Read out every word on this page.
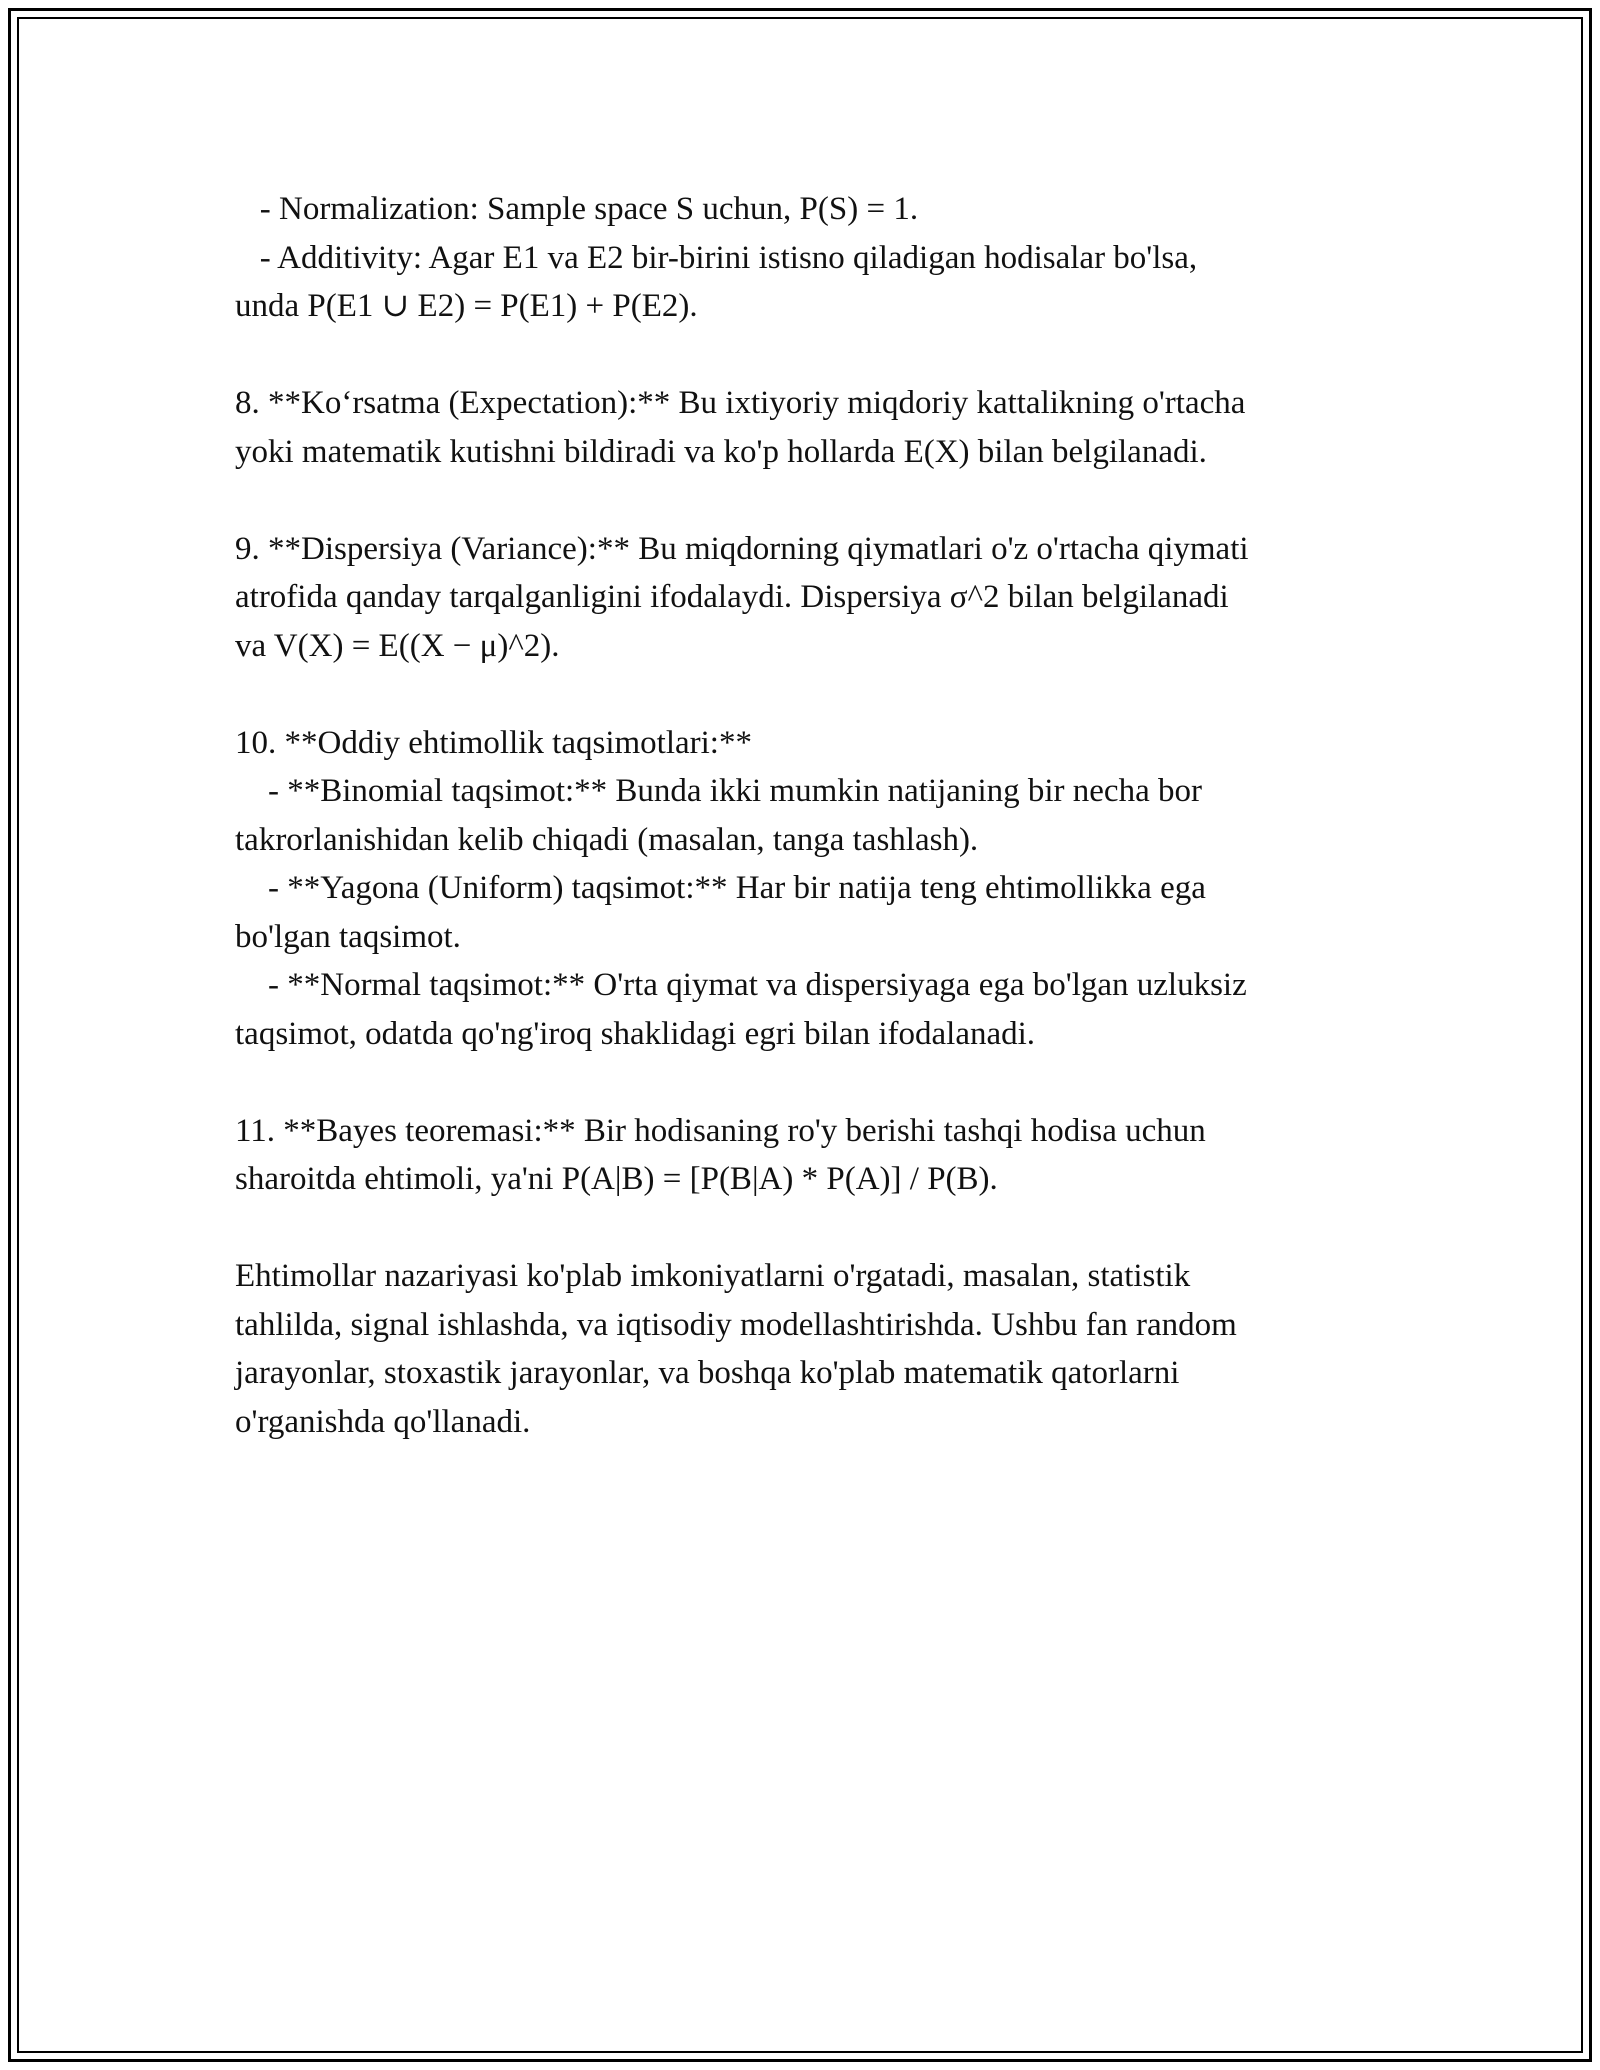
- Normalization: Sample space S uchun, P(S) = 1.
- Additivity: Agar E1 va E2 bir-birini istisno qiladigan hodisalar bo'lsa,
unda P(E1 ∪ E2) = P(E1) + P(E2).
8. **Ko‘rsatma (Expectation):** Bu ixtiyoriy miqdoriy kattalikning o'rtacha
yoki matematik kutishni bildiradi va ko'p hollarda E(X) bilan belgilanadi.
9. **Dispersiya (Variance):** Bu miqdorning qiymatlari o'z o'rtacha qiymati
atrofida qanday tarqalganligini ifodalaydi. Dispersiya σ^2 bilan belgilanadi
va V(X) = E((X − μ)^2).
10. **Oddiy ehtimollik taqsimotlari:**
- **Binomial taqsimot:** Bunda ikki mumkin natijaning bir necha bor
takrorlanishidan kelib chiqadi (masalan, tanga tashlash).
- **Yagona (Uniform) taqsimot:** Har bir natija teng ehtimollikka ega
bo'lgan taqsimot.
- **Normal taqsimot:** O'rta qiymat va dispersiyaga ega bo'lgan uzluksiz
taqsimot, odatda qo'ng'iroq shaklidagi egri bilan ifodalanadi.
11. **Bayes teoremasi:** Bir hodisaning ro'y berishi tashqi hodisa uchun
sharoitda ehtimoli, ya'ni P(A|B) = [P(B|A) * P(A)] / P(B).
Ehtimollar nazariyasi ko'plab imkoniyatlarni o'rgatadi, masalan, statistik
tahlilda, signal ishlashda, va iqtisodiy modellashtirishda. Ushbu fan random
jarayonlar, stoxastik jarayonlar, va boshqa ko'plab matematik qatorlarni
o'rganishda qo'llanadi.
